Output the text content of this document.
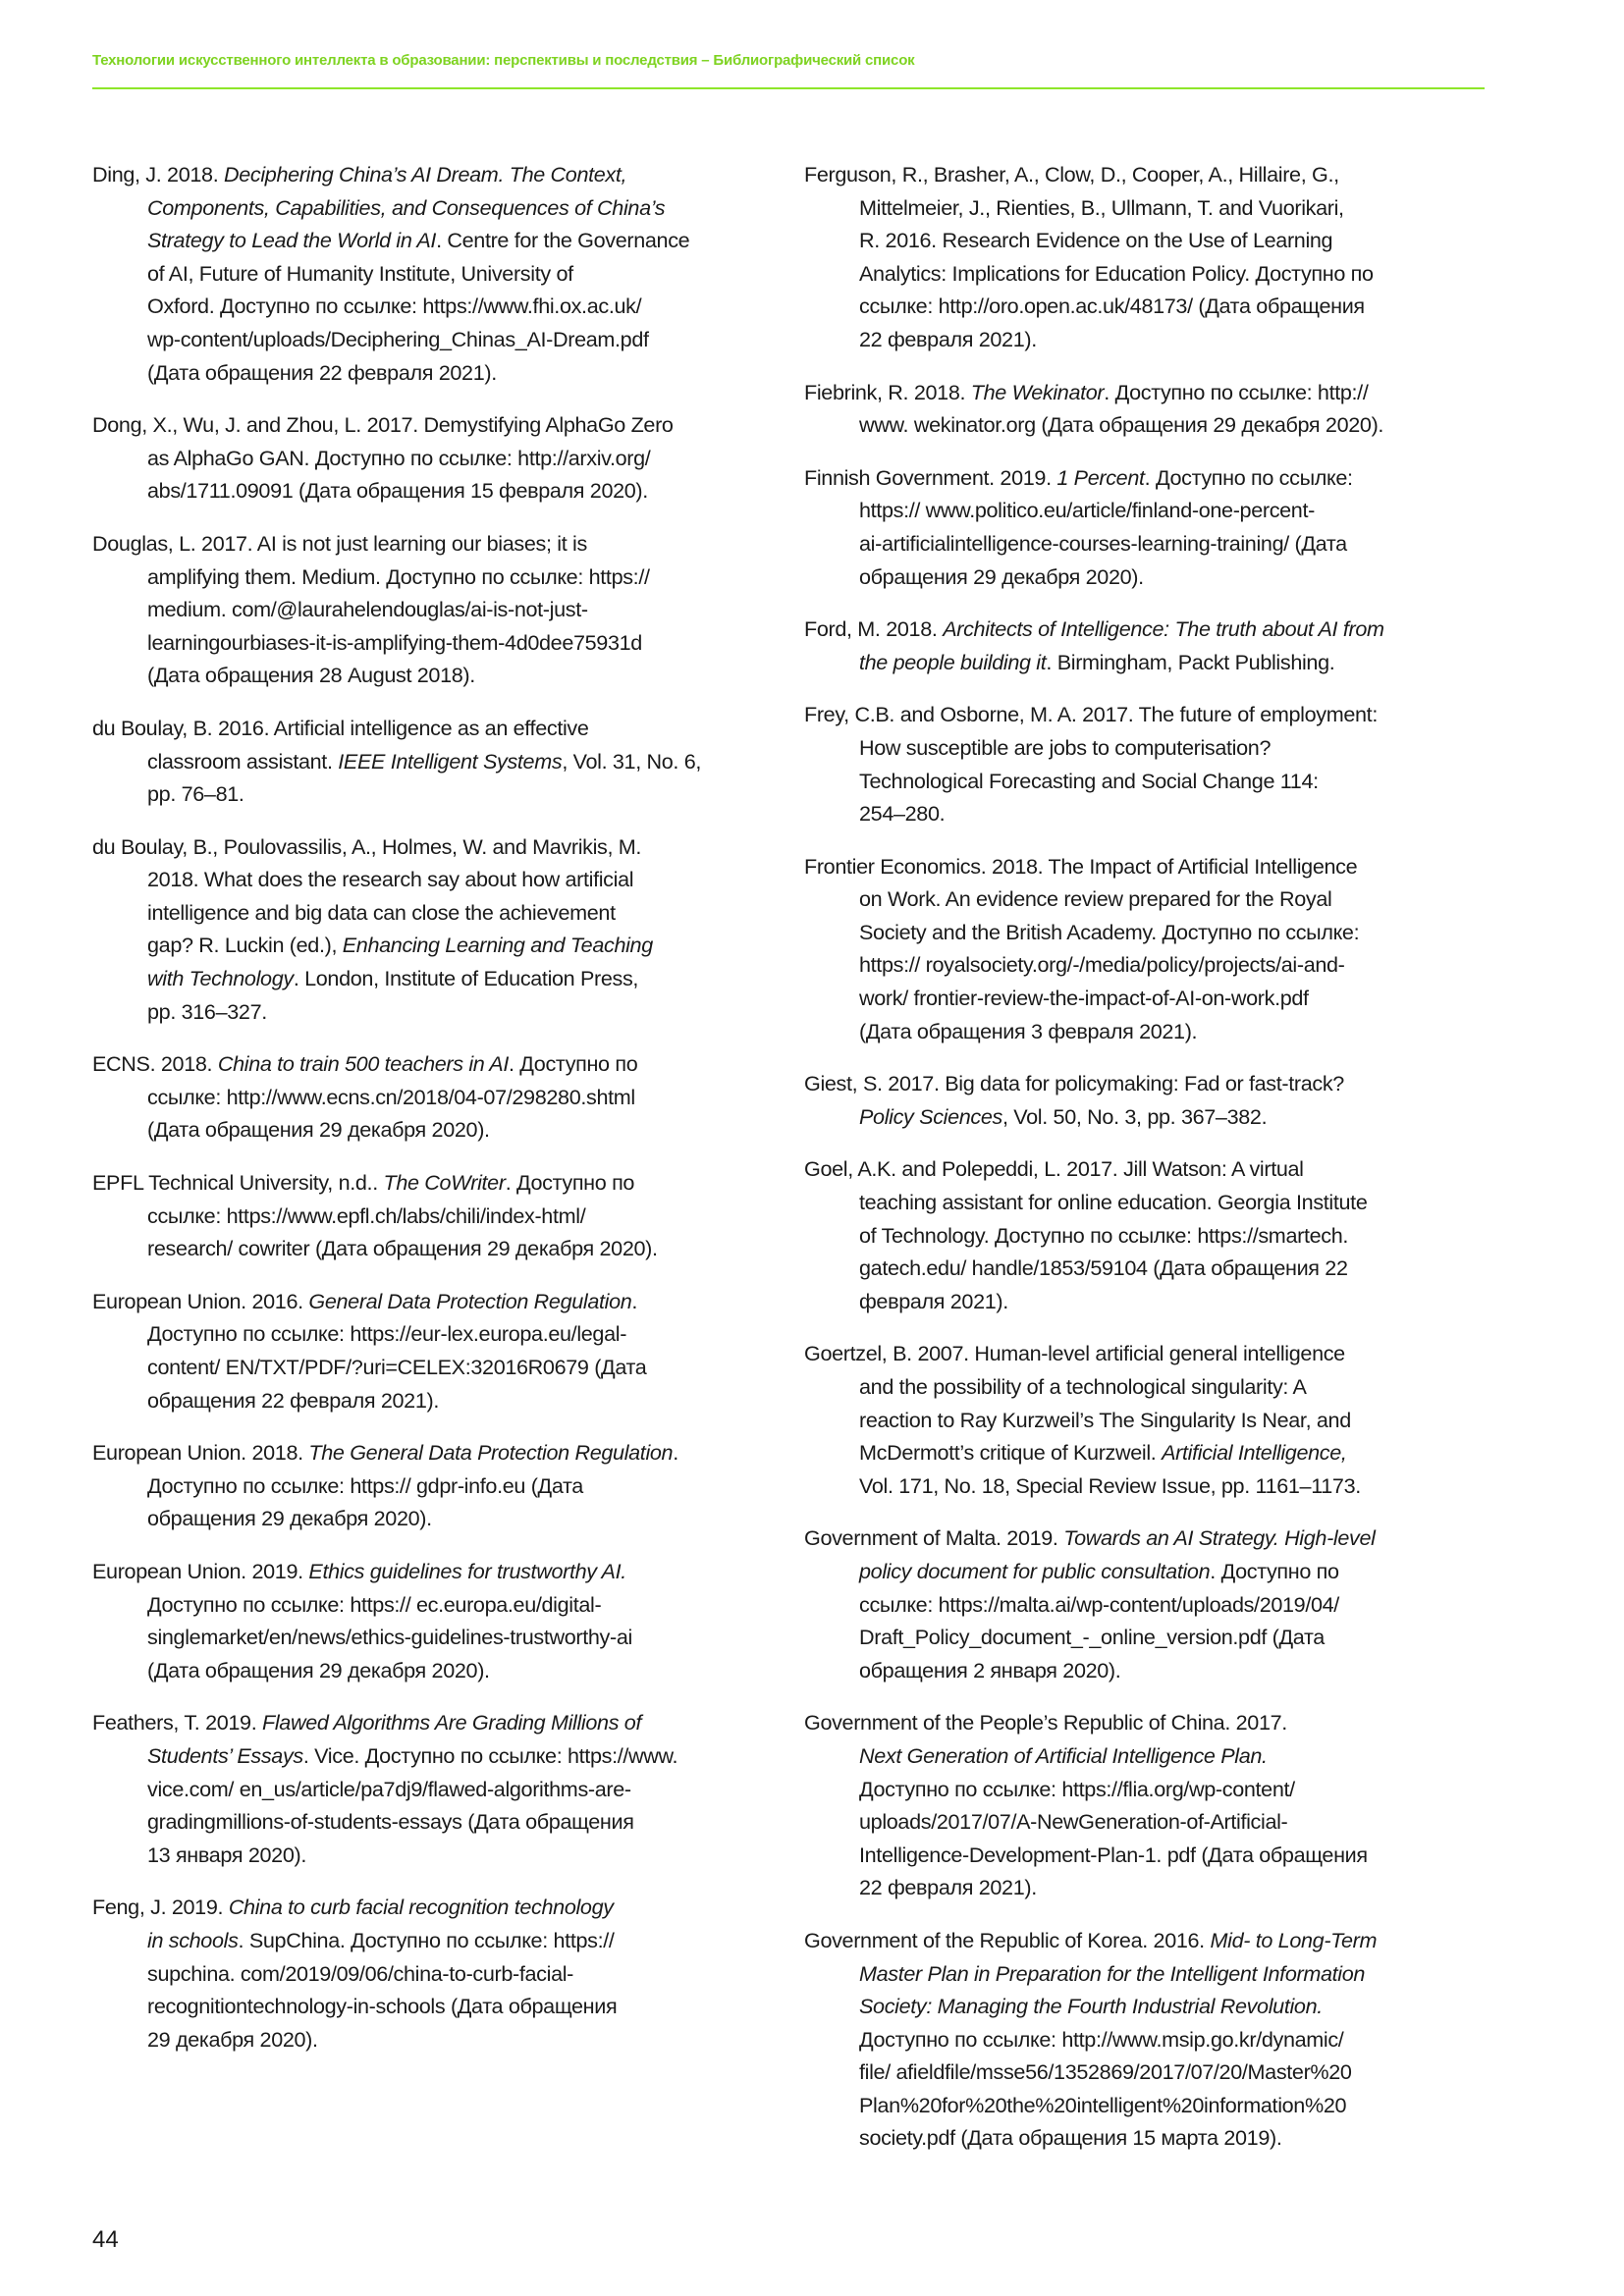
Технологии искусственного интеллекта в образовании: перспективы и последствия – Библиографический список
Ding, J. 2018. Deciphering China’s AI Dream. The Context,
Components, Capabilities, and Consequences of China’s
Strategy to Lead the World in AI. Centre for the Governance
of AI, Future of Humanity Institute, University of
Oxford. Доступно по ссылке: https://www.fhi.ox.ac.uk/
wp-content/uploads/Deciphering_Chinas_AI-Dream.pdf
(Дата обращения 22 февраля 2021).
Dong, X., Wu, J. and Zhou, L. 2017. Demystifying AlphaGo Zero
as AlphaGo GAN. Доступно по ссылке: http://arxiv.org/
abs/1711.09091 (Дата обращения 15 февраля 2020).
Douglas, L. 2017. AI is not just learning our biases; it is
amplifying them. Medium. Доступно по ссылке: https://
medium. com/@laurahelendouglas/ai-is-not-just-
learningourbiases-it-is-amplifying-them-4d0dee75931d
(Дата обращения 28 August 2018).
du Boulay, B. 2016. Artificial intelligence as an effective
classroom assistant. IEEE Intelligent Systems, Vol. 31, No. 6,
pp. 76–81.
du Boulay, B., Poulovassilis, A., Holmes, W. and Mavrikis, M.
2018. What does the research say about how artificial
intelligence and big data can close the achievement
gap? R. Luckin (ed.), Enhancing Learning and Teaching
with Technology. London, Institute of Education Press,
pp. 316–327.
ECNS. 2018. China to train 500 teachers in AI. Доступно по
ссылке: http://www.ecns.cn/2018/04-07/298280.shtml
(Дата обращения 29 декабря 2020).
EPFL Technical University, n.d.. The CoWriter. Доступно по
ссылке: https://www.epfl.ch/labs/chili/index-html/
research/ cowriter (Дата обращения 29 декабря 2020).
European Union. 2016. General Data Protection Regulation.
Доступно по ссылке: https://eur-lex.europa.eu/legal-
content/ EN/TXT/PDF/?uri=CELEX:32016R0679 (Дата
обращения 22 февраля 2021).
European Union. 2018. The General Data Protection Regulation.
Доступно по ссылке: https:// gdpr-info.eu (Дата
обращения 29 декабря 2020).
European Union. 2019. Ethics guidelines for trustworthy AI.
Доступно по ссылке: https:// ec.europa.eu/digital-
singlemarket/en/news/ethics-guidelines-trustworthy-ai
(Дата обращения 29 декабря 2020).
Feathers, T. 2019. Flawed Algorithms Are Grading Millions of
Students’ Essays. Vice. Доступно по ссылке: https://www.
vice.com/ en_us/article/pa7dj9/flawed-algorithms-are-
gradingmillions-of-students-essays (Дата обращения
13 января 2020).
Feng, J. 2019. China to curb facial recognition technology
in schools. SupChina. Доступно по ссылке: https://
supchina. com/2019/09/06/china-to-curb-facial-
recognitiontechnology-in-schools (Дата обращения
29 декабря 2020).
Ferguson, R., Brasher, A., Clow, D., Cooper, A., Hillaire, G.,
Mittelmeier, J., Rienties, B., Ullmann, T. and Vuorikari,
R. 2016. Research Evidence on the Use of Learning
Analytics: Implications for Education Policy. Доступно по
ссылке: http://oro.open.ac.uk/48173/ (Дата обращения
22 февраля 2021).
Fiebrink, R. 2018. The Wekinator. Доступно по ссылке: http://
www. wekinator.org (Дата обращения 29 декабря 2020).
Finnish Government. 2019. 1 Percent. Доступно по ссылке:
https:// www.politico.eu/article/finland-one-percent-
ai-artificialintelligence-courses-learning-training/ (Дата
обращения 29 декабря 2020).
Ford, M. 2018. Architects of Intelligence: The truth about AI from
the people building it. Birmingham, Packt Publishing.
Frey, C.B. and Osborne, M. A. 2017. The future of employment:
How susceptible are jobs to computerisation?
Technological Forecasting and Social Change 114:
254–280.
Frontier Economics. 2018. The Impact of Artificial Intelligence
on Work. An evidence review prepared for the Royal
Society and the British Academy. Доступно по ссылке:
https:// royalsociety.org/-/media/policy/projects/ai-and-
work/ frontier-review-the-impact-of-AI-on-work.pdf
(Дата обращения 3 февраля 2021).
Giest, S. 2017. Big data for policymaking: Fad or fast-track?
Policy Sciences, Vol. 50, No. 3, pp. 367–382.
Goel, A.K. and Polepeddi, L. 2017. Jill Watson: A virtual
teaching assistant for online education. Georgia Institute
of Technology. Доступно по ссылке: https://smartech.
gatech.edu/ handle/1853/59104 (Дата обращения 22
февраля 2021).
Goertzel, B. 2007. Human-level artificial general intelligence
and the possibility of a technological singularity: A
reaction to Ray Kurzweil’s The Singularity Is Near, and
McDermott’s critique of Kurzweil. Artificial Intelligence,
Vol. 171, No. 18, Special Review Issue, pp. 1161–1173.
Government of Malta. 2019. Towards an AI Strategy. High-level
policy document for public consultation. Доступно по
ссылке: https://malta.ai/wp-content/uploads/2019/04/
Draft_Policy_document_-_online_version.pdf (Дата
обращения 2 января 2020).
Government of the People’s Republic of China. 2017.
Next Generation of Artificial Intelligence Plan.
Доступно по ссылке: https://flia.org/wp-content/
uploads/2017/07/A-NewGeneration-of-Artificial-
Intelligence-Development-Plan-1. pdf (Дата обращения
22 февраля 2021).
Government of the Republic of Korea. 2016. Mid- to Long-Term
Master Plan in Preparation for the Intelligent Information
Society: Managing the Fourth Industrial Revolution.
Доступно по ссылке: http://www.msip.go.kr/dynamic/
file/ afieldfile/msse56/1352869/2017/07/20/Master%20
Plan%20for%20the%20intelligent%20information%20
society.pdf (Дата обращения 15 марта 2019).
44
